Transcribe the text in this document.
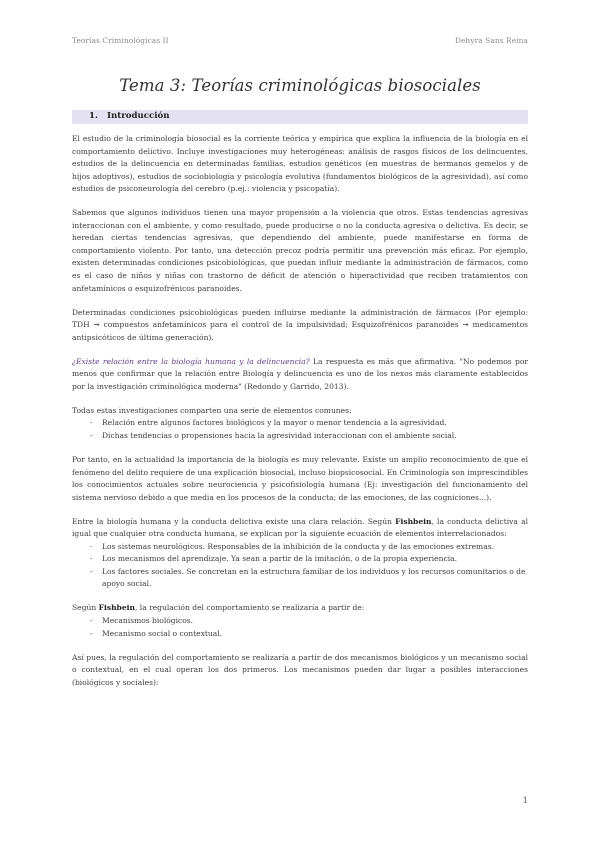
Teorías Criminológicas II	Dehyra Sans Reina
Tema 3: Teorías criminológicas biosociales
1. Introducción

El estudio de la criminología biosocial es la corriente teórica y empírica que explica la influencia de la biología en el comportamiento delictivo. Incluye investigaciones muy heterogéneas: análisis de rasgos físicos de los delincuentes, estudios de la delincuencia en determinadas familias, estudios genéticos (en muestras de hermanos gemelos y de hijos adoptivos), estudios de sociobiología y psicología evolutiva (fundamentos biológicos de la agresividad), así como estudios de psiconeurología del cerebro (p.ej.: violencia y psicopatía).

Sabemos que algunos individuos tienen una mayor propensión a la violencia que otros. Estas tendencias agresivas interaccionan con el ambiente, y como resultado, puede producirse o no la conducta agresiva o delictiva. Es decir, se heredan ciertas tendencias agresivas, que dependiendo del ambiente, puede manifestarse en forma de comportamiento violento. Por tanto, una detección precoz podría permitir una prevención más eficaz. Por ejemplo, existen determinadas condiciones psicobiológicas, que puedan influir mediante la administración de fármacos, como es el caso de niños y niñas con trastorno de déficit de atención o hiperactividad que reciben tratamientos con anfetamínicos o esquizofrénicos paranoides.

Determinadas condiciones psicobiológicas pueden influirse mediante la administración de fármacos (Por ejemplo: TDH ➞ compuestos anfetamínicos para el control de la impulsividad; Esquizofrénicos paranoides ➞ medicamentos antipsicóticos de última generación).

¿Existe relación entre la biología humana y la delincuencia? La respuesta es más que afirmativa. "No podemos por menos que confirmar que la relación entre Biología y delincuencia es uno de los nexos más claramente establecidos por la investigación criminológica moderna" (Redondo y Garrido, 2013).

Todas estas investigaciones comparten una serie de elementos comunes:

- Relación entre algunos factores biológicos y la mayor o menor tendencia a la agresividad.
- Dichas tendencias o propensiones hacia la agresividad interaccionan con el ambiente social.

Por tanto, en la actualidad la importancia de la biología es muy relevante. Existe un amplio reconocimiento de que el fenómeno del delito requiere de una explicación biosocial, incluso biopsicosocial. En Criminología son imprescindibles los conocimientos actuales sobre neurociencia y psicofisiología humana (Ej: investigación del funcionamiento del sistema nervioso debido a que media en los procesos de la conducta; de las emociones, de las cogniciones...).

Entre la biología humana y la conducta delictiva existe una clara relación. Según Fishbein, la conducta delictiva al igual que cualquier otra conducta humana, se explican por la siguiente ecuación de elementos interrelacionados:

- Los sistemas neurológicos. Responsables de la inhibición de la conducta y de las emociones extremas.
- Los mecanismos del aprendizaje. Ya sean a partir de la imitación, o de la propia experiencia.
- Los factores sociales. Se concretan en la estructura familiar de los individuos y los recursos comunitarios o de apoyo social.

Según Fishbein, la regulación del comportamiento se realizaría a partir de:

- Mecanismos biológicos.
- Mecanismo social o contextual.

Así pues, la regulación del comportamiento se realizaría a partir de dos mecanismos biológicos y un mecanismo social o contextual, en el cual operan los dos primeros. Los mecanismos pueden dar lugar a posibles interacciones (biológicos y sociales):

1
